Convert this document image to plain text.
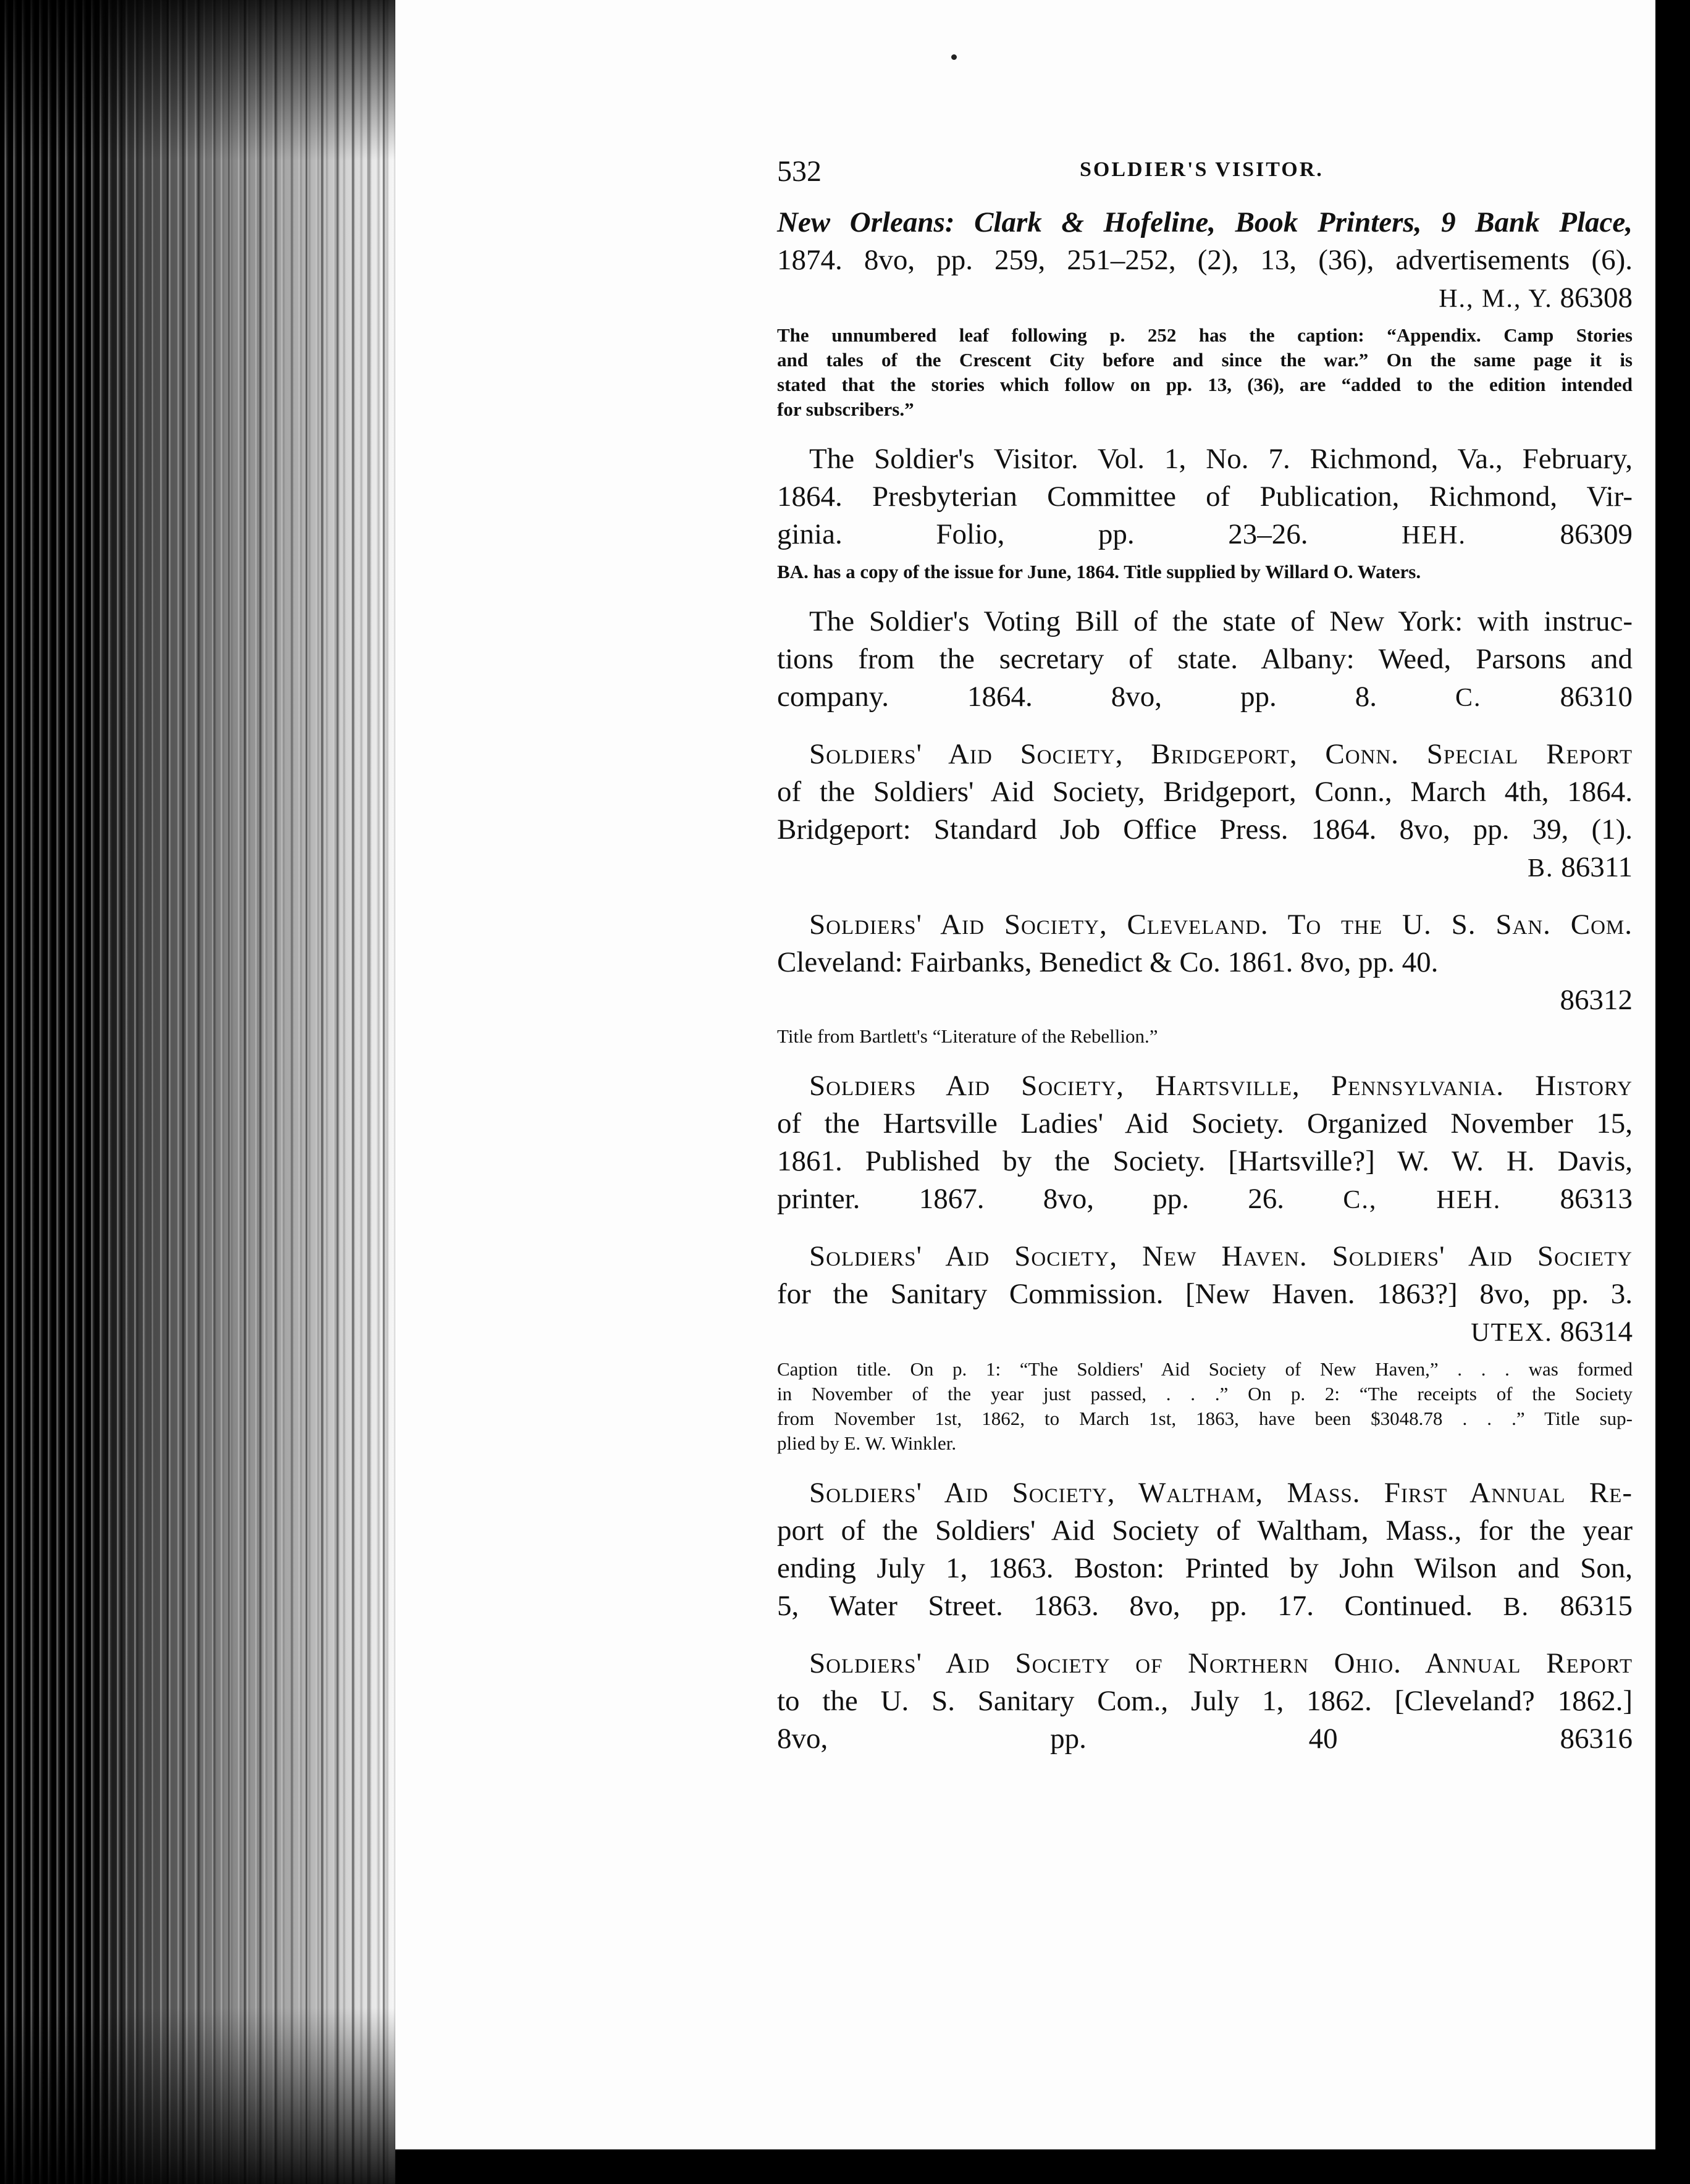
532	SOLDIER'S VISITOR.
New Orleans: Clark & Hofeline, Book Printers, 9 Bank Place,
1874. 8vo, pp. 259, 251–252, (2), 13, (36), advertisements (6).
H., M., Y. 86308
The unnumbered leaf following p. 252 has the caption: “Appendix. Camp Stories
and tales of the Crescent City before and since the war.” On the same page it is
stated that the stories which follow on pp. 13, (36), are “added to the edition intended
for subscribers.”
The Soldier's Visitor. Vol. 1, No. 7. Richmond, Va., February,
1864. Presbyterian Committee of Publication, Richmond, Vir-
ginia. Folio, pp. 23–26.	HEH.	86309
BA. has a copy of the issue for June, 1864. Title supplied by Willard O. Waters.
The Soldier's Voting Bill of the state of New York: with instruc-
tions from the secretary of state. Albany: Weed, Parsons and
company. 1864. 8vo, pp. 8.	C.	86310
Soldiers' Aid Society, Bridgeport, Conn. Special Report
of the Soldiers' Aid Society, Bridgeport, Conn., March 4th, 1864.
Bridgeport: Standard Job Office Press. 1864. 8vo, pp. 39, (1).
B. 86311
Soldiers' Aid Society, Cleveland. To the U. S. San. Com.
Cleveland: Fairbanks, Benedict & Co. 1861. 8vo, pp. 40.
86312
Title from Bartlett's “Literature of the Rebellion.”
Soldiers Aid Society, Hartsville, Pennsylvania. History
of the Hartsville Ladies' Aid Society. Organized November 15,
1861. Published by the Society. [Hartsville?] W. W. H. Davis,
printer. 1867. 8vo, pp. 26. C., HEH. 86313
Soldiers' Aid Society, New Haven. Soldiers' Aid Society
for the Sanitary Commission. [New Haven. 1863?] 8vo, pp. 3.
UTEX. 86314
Caption title. On p. 1: “The Soldiers' Aid Society of New Haven,” . . . was formed
in November of the year just passed, . . .” On p. 2: “The receipts of the Society
from November 1st, 1862, to March 1st, 1863, have been $3048.78 . . .” Title sup-
plied by E. W. Winkler.
Soldiers' Aid Society, Waltham, Mass. First Annual Re-
port of the Soldiers' Aid Society of Waltham, Mass., for the year
ending July 1, 1863. Boston: Printed by John Wilson and Son,
5, Water Street. 1863. 8vo, pp. 17. Continued. B. 86315
Soldiers' Aid Society of Northern Ohio. Annual Report
to the U. S. Sanitary Com., July 1, 1862. [Cleveland? 1862.]
8vo, pp. 40	86316
